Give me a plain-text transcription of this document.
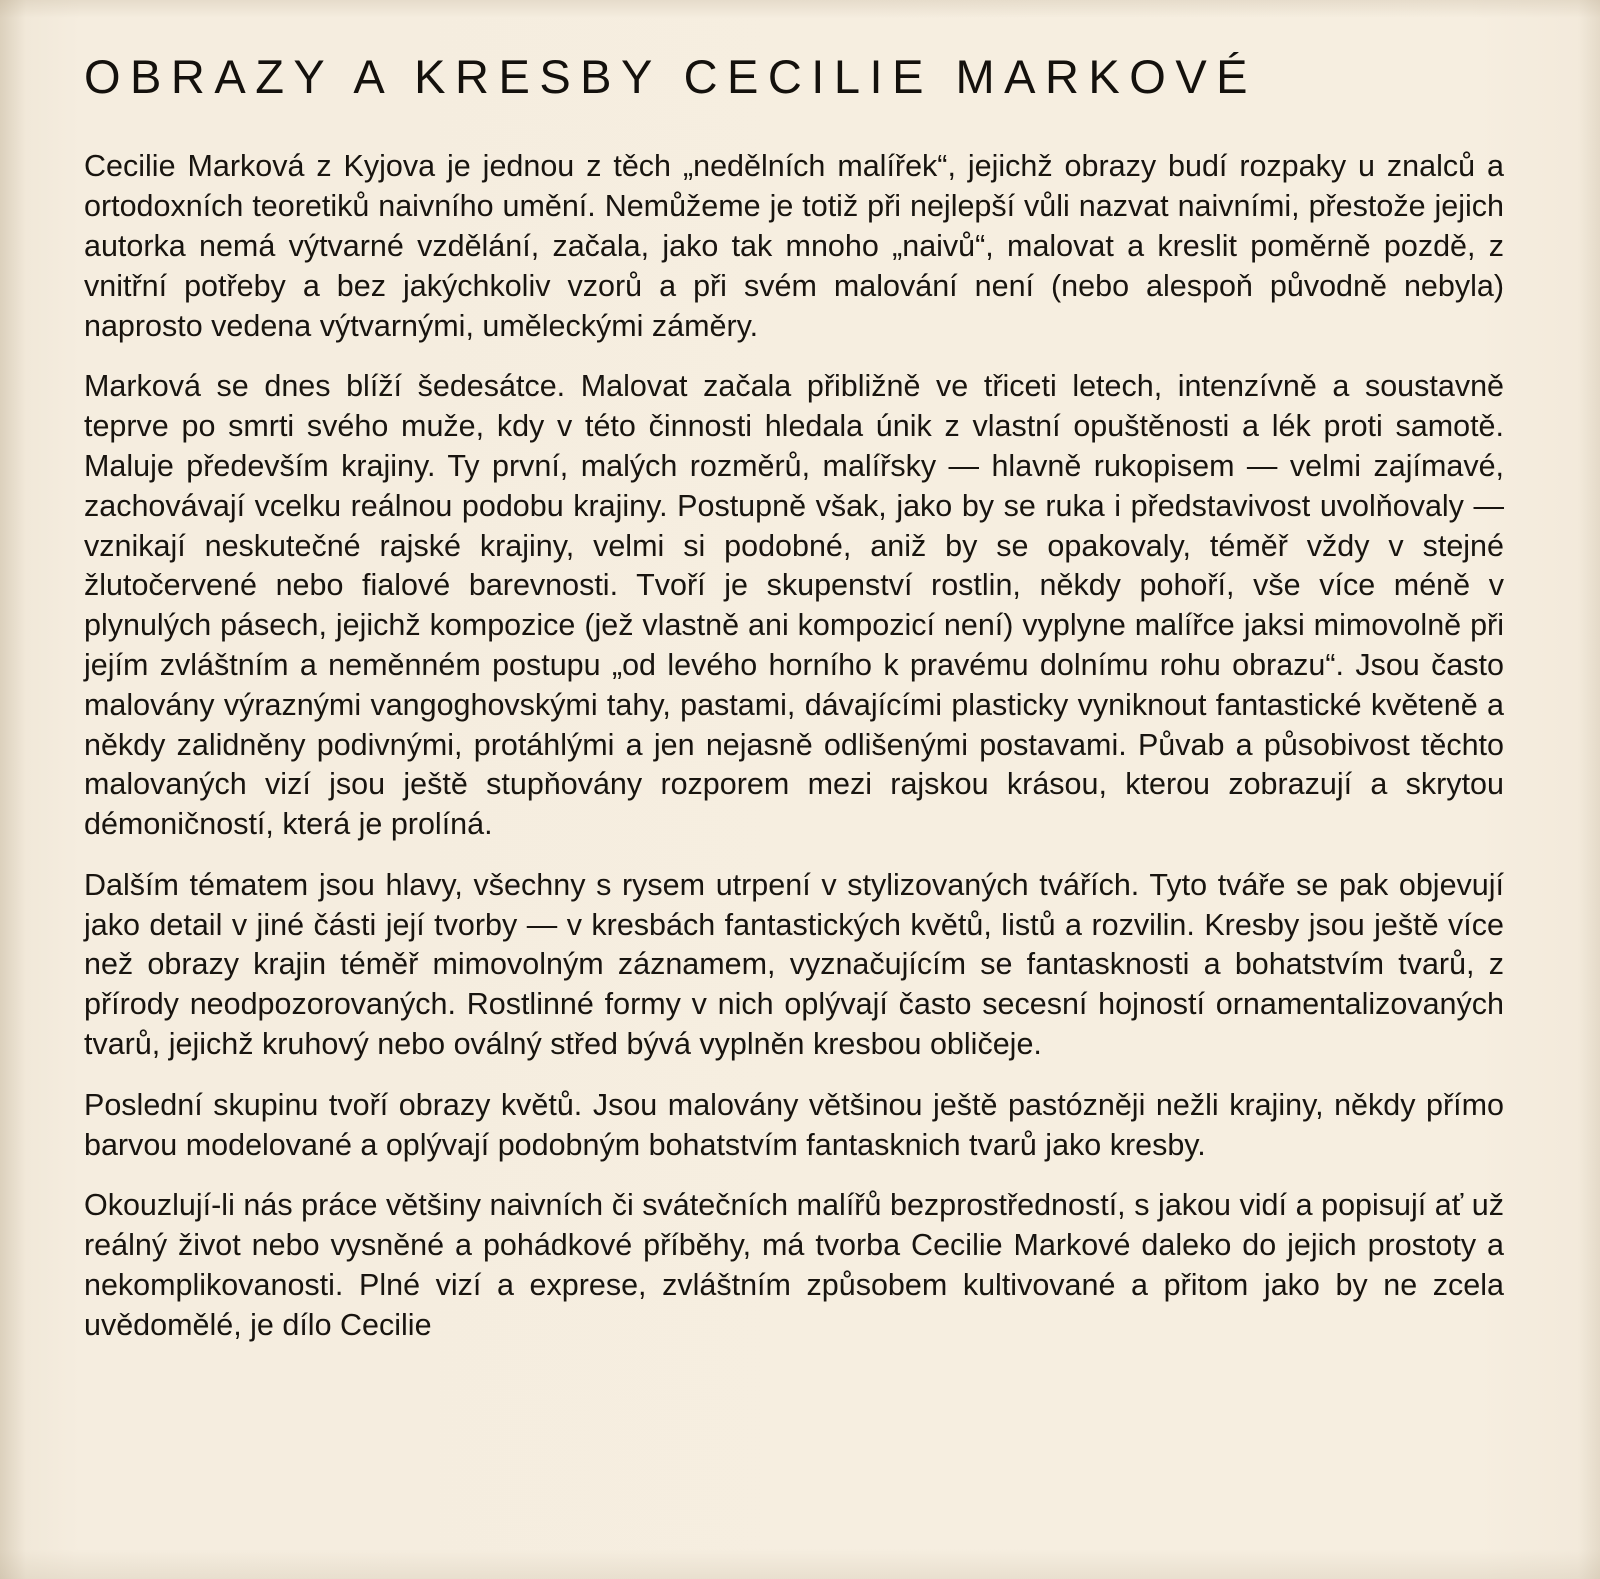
OBRAZY A KRESBY CECILIE MARKOVÉ

Cecilie Marková z Kyjova je jednou z těch „nedělních malířek“, jejichž obrazy budí rozpaky u znalců a ortodoxních teoretiků naivního umění. Nemůžeme je totiž při nejlepší vůli nazvat naivními, přestože jejich autorka nemá výtvarné vzdělání, začala, jako tak mnoho „naivů“, malovat a kreslit poměrně pozdě, z vnitřní potřeby a bez jakýchkoliv vzorů a při svém malování není (nebo alespoň původně nebyla) naprosto vedena výtvarnými, uměleckými záměry.

Marková se dnes blíží šedesátce. Malovat začala přibližně ve třiceti letech, intenzívně a soustavně teprve po smrti svého muže, kdy v této činnosti hledala únik z vlastní opuštěnosti a lék proti samotě. Maluje především krajiny. Ty první, malých rozměrů, malířsky — hlavně rukopisem — velmi zajímavé, zachovávají vcelku reálnou podobu krajiny. Postupně však, jako by se ruka i představivost uvolňovaly — vznikají neskutečné rajské krajiny, velmi si podobné, aniž by se opakovaly, téměř vždy v stejné žlutočervené nebo fialové barevnosti. Tvoří je skupenství rostlin, někdy pohoří, vše více méně v plynulých pásech, jejichž kompozice (jež vlastně ani kompozicí není) vyplyne malířce jaksi mimovolně při jejím zvláštním a neměnném postupu „od levého horního k pravému dolnímu rohu obrazu“. Jsou často malovány výraznými vangoghovskými tahy, pastami, dávajícími plasticky vyniknout fantastické květeně a někdy zalidněny podivnými, protáhlými a jen nejasně odlišenými postavami. Půvab a působivost těchto malovaných vizí jsou ještě stupňovány rozporem mezi rajskou krásou, kterou zobrazují a skrytou démoničností, která je prolíná.

Dalším tématem jsou hlavy, všechny s rysem utrpení v stylizovaných tvářích. Tyto tváře se pak objevují jako detail v jiné části její tvorby — v kresbách fantastických květů, listů a rozvilin. Kresby jsou ještě více než obrazy krajin téměř mimovolným záznamem, vyznačujícím se fantasknosti a bohatstvím tvarů, z přírody neodpozorovaných. Rostlinné formy v nich oplývají často secesní hojností ornamentalizovaných tvarů, jejichž kruhový nebo oválný střed bývá vyplněn kresbou obličeje.

Poslední skupinu tvoří obrazy květů. Jsou malovány většinou ještě pastózněji nežli krajiny, někdy přímo barvou modelované a oplývají podobným bohatstvím fantasknich tvarů jako kresby.

Okouzlují-li nás práce většiny naivních či svátečních malířů bezprostředností, s jakou vidí a popisují ať už reálný život nebo vysněné a pohádkové příběhy, má tvorba Cecilie Markové daleko do jejich prostoty a nekomplikovanosti. Plné vizí a exprese, zvláštním způsobem kultivované a přitom jako by ne zcela uvědomělé, je dílo Cecilie
